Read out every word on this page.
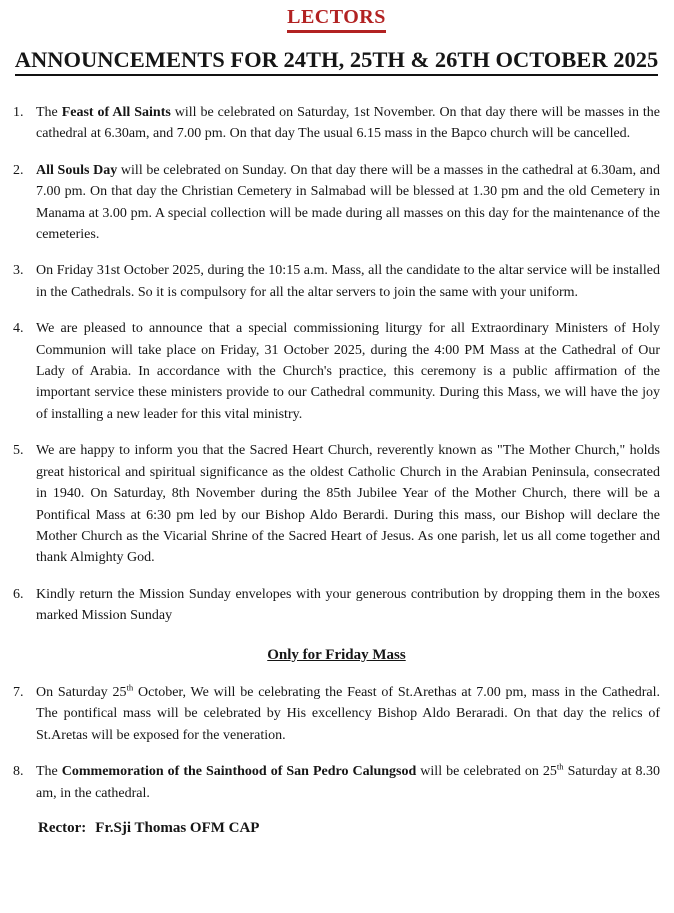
LECTORS
ANNOUNCEMENTS FOR 24TH, 25TH & 26TH OCTOBER 2025
1. The Feast of All Saints will be celebrated on Saturday, 1st November. On that day there will be masses in the cathedral at 6.30am, and 7.00 pm. On that day The usual 6.15 mass in the Bapco church will be cancelled.
2. All Souls Day will be celebrated on Sunday. On that day there will be a masses in the cathedral at 6.30am, and 7.00 pm. On that day the Christian Cemetery in Salmabad will be blessed at 1.30 pm and the old Cemetery in Manama at 3.00 pm. A special collection will be made during all masses on this day for the maintenance of the cemeteries.
3. On Friday 31st October 2025, during the 10:15 a.m. Mass, all the candidate to the altar service will be installed in the Cathedrals. So it is compulsory for all the altar servers to join the same with your uniform.
4. We are pleased to announce that a special commissioning liturgy for all Extraordinary Ministers of Holy Communion will take place on Friday, 31 October 2025, during the 4:00 PM Mass at the Cathedral of Our Lady of Arabia. In accordance with the Church's practice, this ceremony is a public affirmation of the important service these ministers provide to our Cathedral community. During this Mass, we will have the joy of installing a new leader for this vital ministry.
5. We are happy to inform you that the Sacred Heart Church, reverently known as "The Mother Church," holds great historical and spiritual significance as the oldest Catholic Church in the Arabian Peninsula, consecrated in 1940. On Saturday, 8th November during the 85th Jubilee Year of the Mother Church, there will be a Pontifical Mass at 6:30 pm led by our Bishop Aldo Berardi. During this mass, our Bishop will declare the Mother Church as the Vicarial Shrine of the Sacred Heart of Jesus. As one parish, let us all come together and thank Almighty God.
6. Kindly return the Mission Sunday envelopes with your generous contribution by dropping them in the boxes marked Mission Sunday
Only for Friday Mass
7. On Saturday 25th October, We will be celebrating the Feast of St.Arethas at 7.00 pm, mass in the Cathedral. The pontifical mass will be celebrated by His excellency Bishop Aldo Beraradi. On that day the relics of St.Aretas will be exposed for the veneration.
8. The Commemoration of the Sainthood of San Pedro Calungsod will be celebrated on 25th Saturday at 8.30 am, in the cathedral.
Rector: Fr.Sji Thomas OFM CAP
